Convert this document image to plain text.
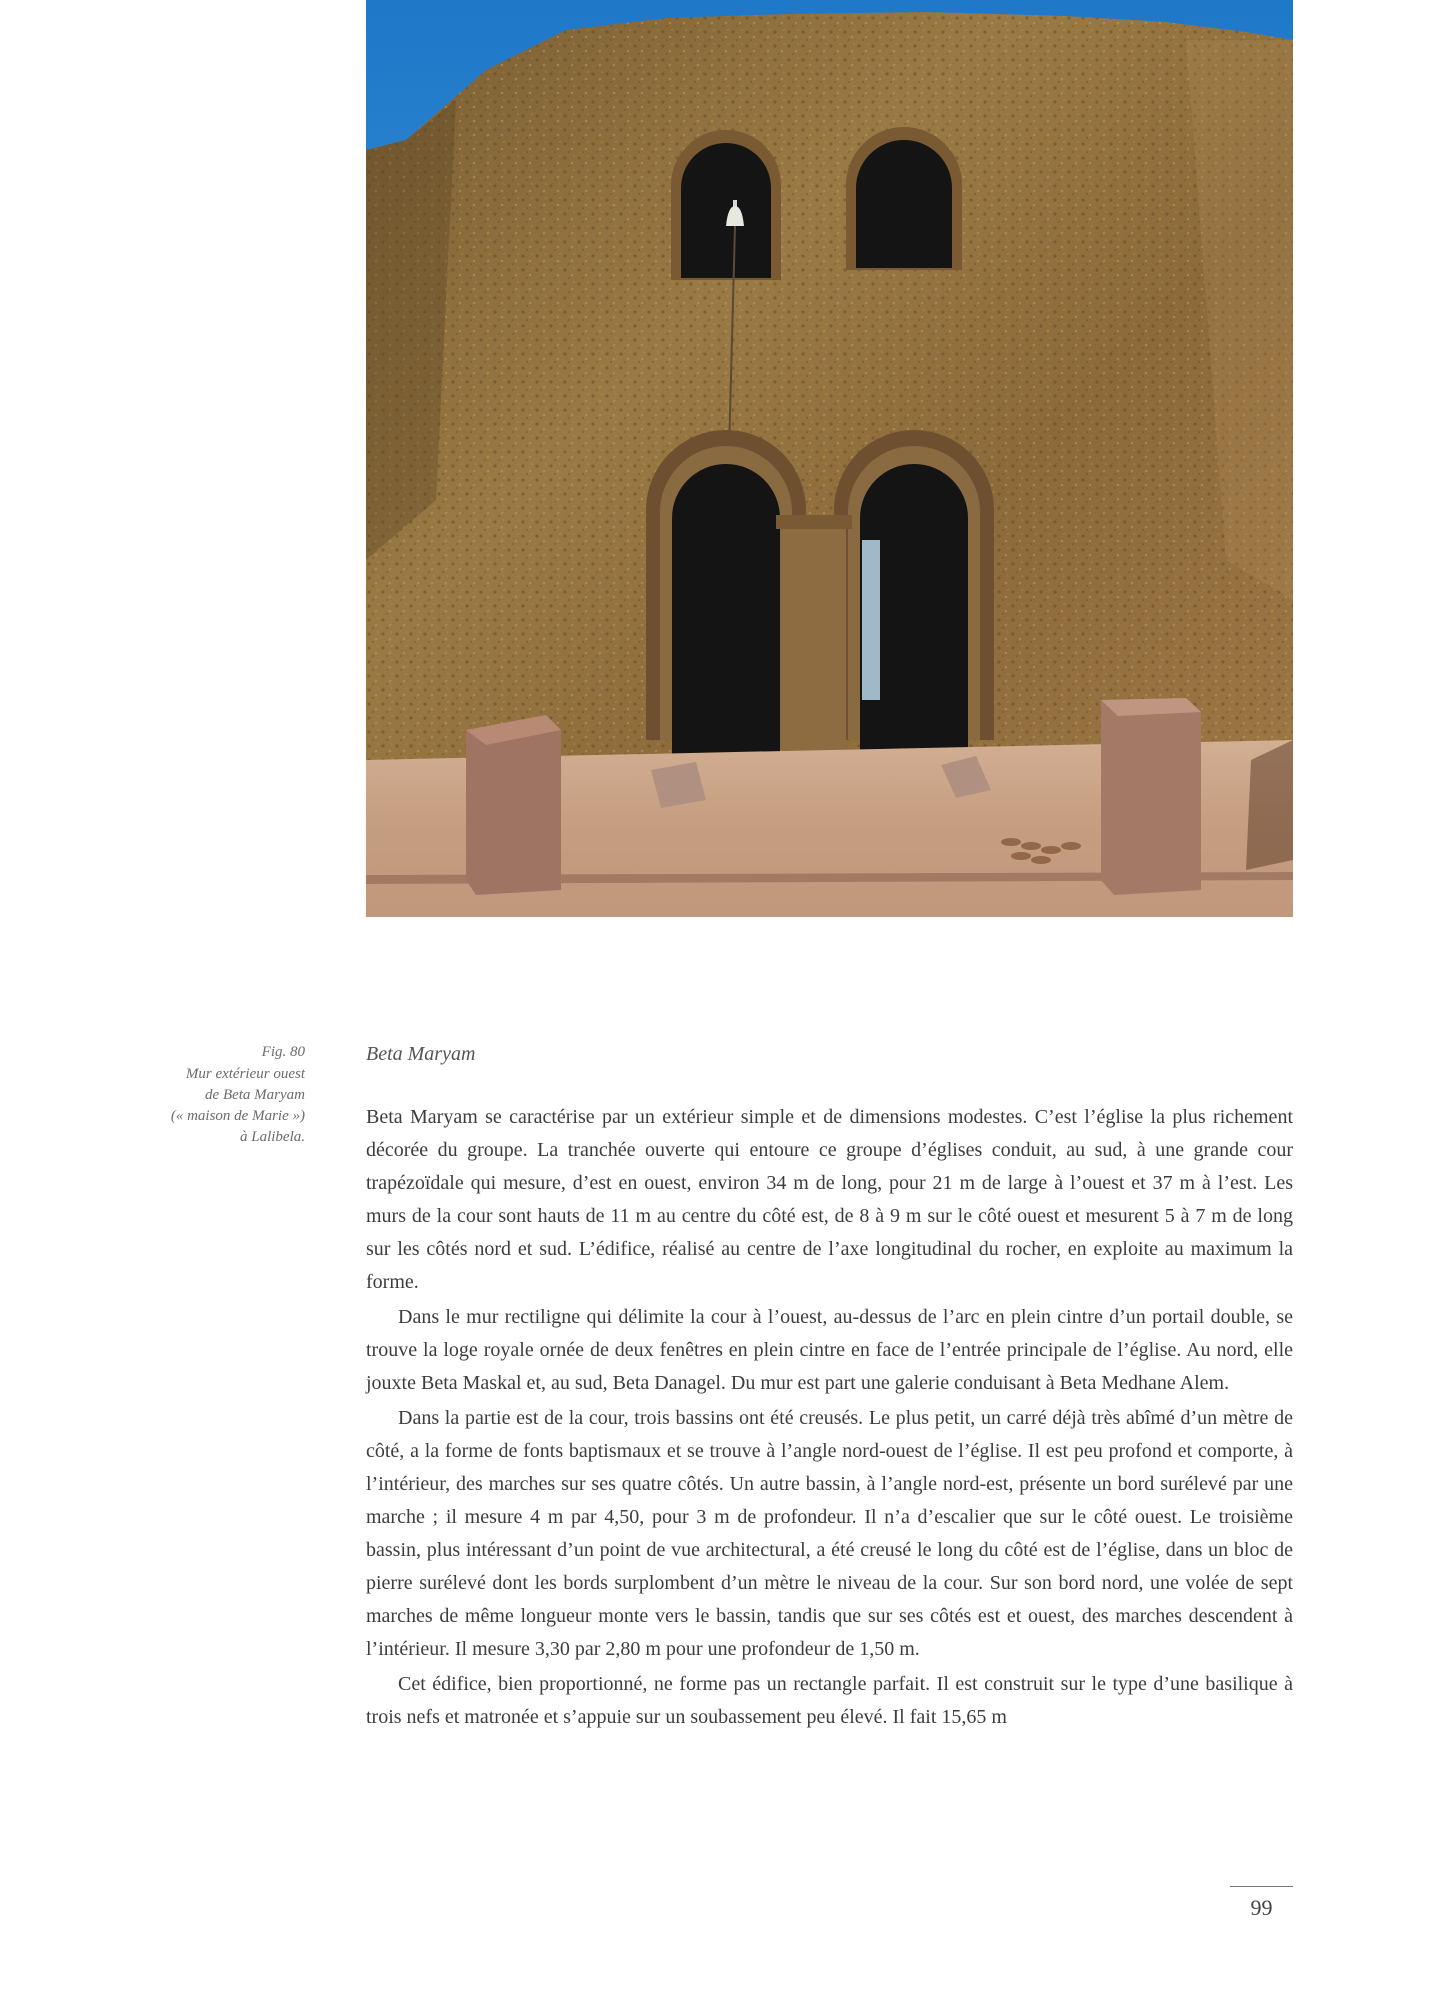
Fig. 80
Mur extérieur ouest
de Beta Maryam
(« maison de Marie »)
à Lalibela.
Beta Maryam

Beta Maryam se caractérise par un extérieur simple et de dimensions modestes. C’est l’église la plus richement décorée du groupe. La tranchée ouverte qui entoure ce groupe d’églises conduit, au sud, à une grande cour trapézoïdale qui mesure, d’est en ouest, environ 34 m de long, pour 21 m de large à l’ouest et 37 m à l’est. Les murs de la cour sont hauts de 11 m au centre du côté est, de 8 à 9 m sur le côté ouest et mesurent 5 à 7 m de long sur les côtés nord et sud. L’édifice, réalisé au centre de l’axe longitudinal du rocher, en exploite au maximum la forme.

Dans le mur rectiligne qui délimite la cour à l’ouest, au-dessus de l’arc en plein cintre d’un portail double, se trouve la loge royale ornée de deux fenêtres en plein cintre en face de l’entrée principale de l’église. Au nord, elle jouxte Beta Maskal et, au sud, Beta Danagel. Du mur est part une galerie conduisant à Beta Medhane Alem.

Dans la partie est de la cour, trois bassins ont été creusés. Le plus petit, un carré déjà très abîmé d’un mètre de côté, a la forme de fonts baptismaux et se trouve à l’angle nord-ouest de l’église. Il est peu profond et comporte, à l’intérieur, des marches sur ses quatre côtés. Un autre bassin, à l’angle nord-est, présente un bord surélevé par une marche ; il mesure 4 m par 4,50, pour 3 m de profondeur. Il n’a d’escalier que sur le côté ouest. Le troisième bassin, plus intéressant d’un point de vue architectural, a été creusé le long du côté est de l’église, dans un bloc de pierre surélevé dont les bords surplombent d’un mètre le niveau de la cour. Sur son bord nord, une volée de sept marches de même longueur monte vers le bassin, tandis que sur ses côtés est et ouest, des marches descendent à l’intérieur. Il mesure 3,30 par 2,80 m pour une profondeur de 1,50 m.

Cet édifice, bien proportionné, ne forme pas un rectangle parfait. Il est construit sur le type d’une basilique à trois nefs et matronée et s’appuie sur un soubassement peu élevé. Il fait 15,65 m

99
